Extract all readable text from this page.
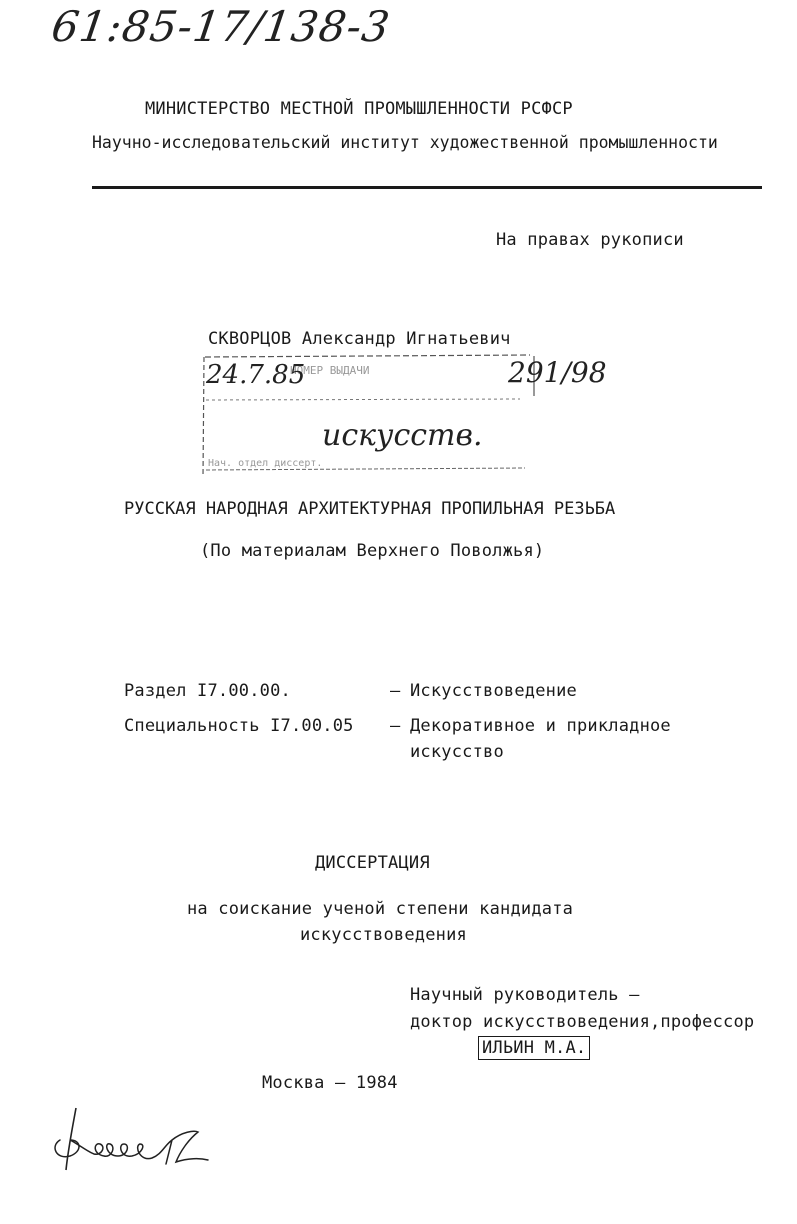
61:85-17/138-3
МИНИСТЕРСТВО МЕСТНОЙ ПРОМЫШЛЕННОСТИ РСФСР
Научно-исследовательский институт художественной промышленности
На правах рукописи
СКВОРЦОВ Александр Игнатьевич
НОМЕР ВЫДАЧИ
Нач. отдел диссерт.
24.7.85	291/98
искусств.
РУССКАЯ НАРОДНАЯ АРХИТЕКТУРНАЯ ПРОПИЛЬНАЯ РЕЗЬБА
(По материалам Верхнего Поволжья)
Раздел I7.00.00.	– Искусствоведение
Специальность I7.00.05 – Декоративное и прикладное
искусство
ДИССЕРТАЦИЯ
на соискание ученой степени кандидата
искусствоведения
Научный руководитель –
доктор искусствоведения,профессор
ИЛЬИН М.А.
Москва – 1984
